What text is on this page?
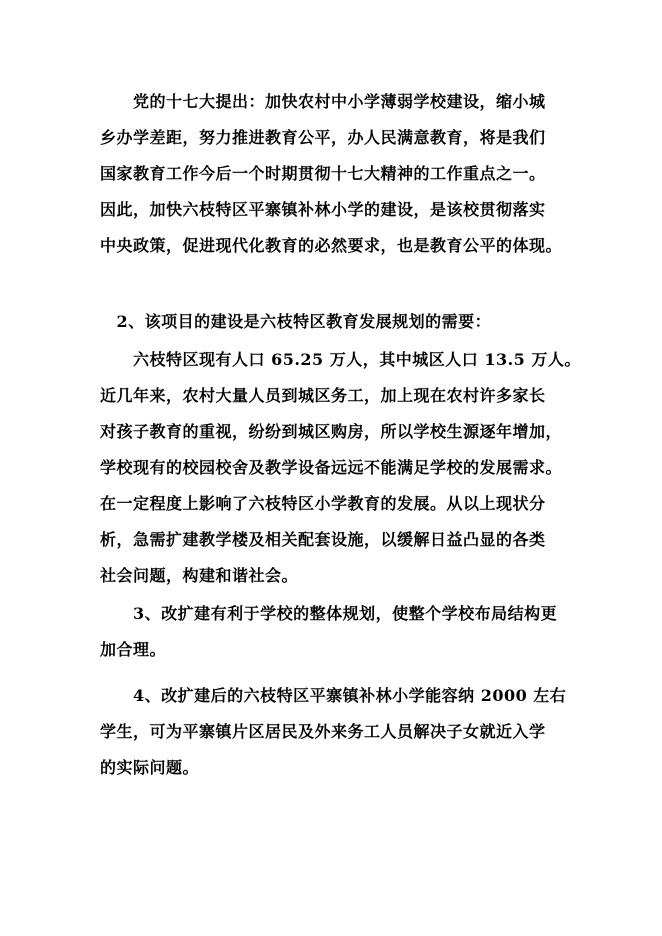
　　党的十七大提出：加快农村中小学薄弱学校建设，缩小城
乡办学差距，努力推进教育公平，办人民满意教育，将是我们
国家教育工作今后一个时期贯彻十七大精神的工作重点之一。
因此，加快六枝特区平寨镇补林小学的建设，是该校贯彻落实
中央政策，促进现代化教育的必然要求，也是教育公平的体现。
　2、该项目的建设是六枝特区教育发展规划的需要：
　　六枝特区现有人口 65.25 万人，其中城区人口 13.5 万人。
近几年来，农村大量人员到城区务工，加上现在农村许多家长
对孩子教育的重视，纷纷到城区购房，所以学校生源逐年增加，
学校现有的校园校舍及教学设备远远不能满足学校的发展需求。
在一定程度上影响了六枝特区小学教育的发展。从以上现状分
析，急需扩建教学楼及相关配套设施，以缓解日益凸显的各类
社会问题，构建和谐社会。
　　3、改扩建有利于学校的整体规划，使整个学校布局结构更
加合理。
　　4、改扩建后的六枝特区平寨镇补林小学能容纳 2000 左右
学生，可为平寨镇片区居民及外来务工人员解决子女就近入学
的实际问题。
